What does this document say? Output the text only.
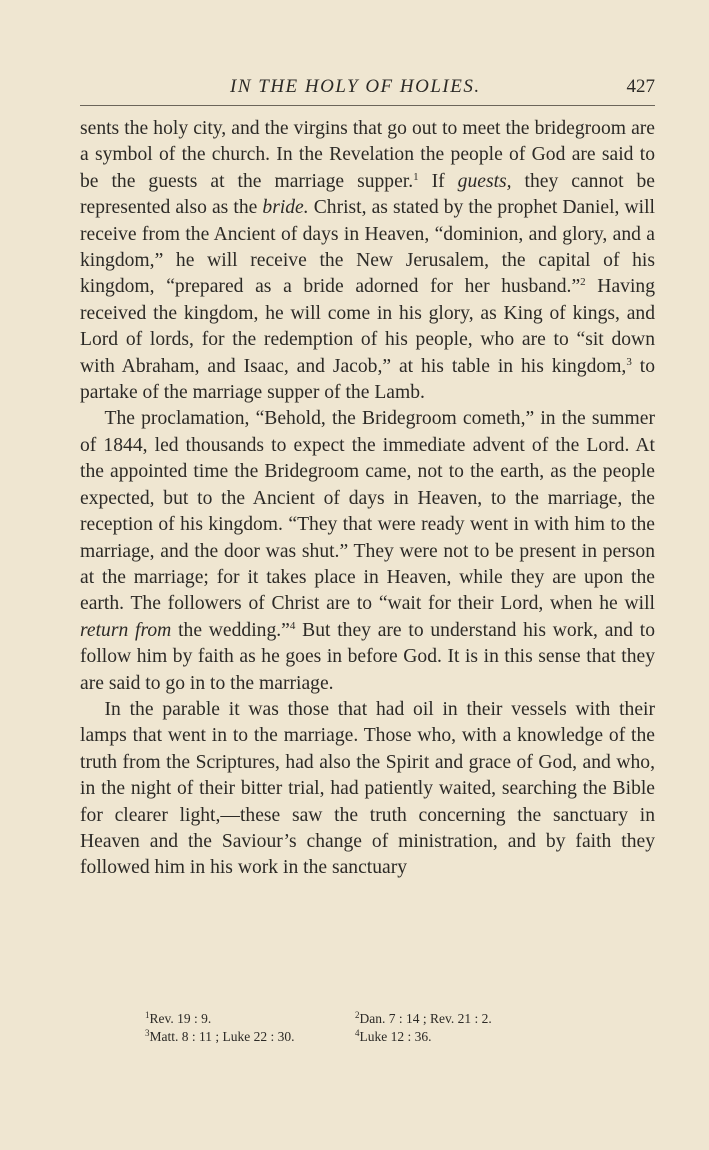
IN THE HOLY OF HOLIES.	427

sents the holy city, and the virgins that go out to meet the bridegroom are a symbol of the church. In the Revelation the people of God are said to be the guests at the marriage supper.$^1$ If guests, they cannot be represented also as the bride. Christ, as stated by the prophet Daniel, will receive from the Ancient of days in Heaven, “dominion, and glory, and a kingdom,” he will receive the New Jerusalem, the capital of his kingdom, “prepared as a bride adorned for her husband.”$^2$ Having received the kingdom, he will come in his glory, as King of kings, and Lord of lords, for the redemption of his people, who are to “sit down with Abraham, and Isaac, and Jacob,” at his table in his kingdom,$^3$ to partake of the marriage supper of the Lamb.

The proclamation, “Behold, the Bridegroom cometh,” in the summer of 1844, led thousands to expect the immediate advent of the Lord. At the appointed time the Bridegroom came, not to the earth, as the people expected, but to the Ancient of days in Heaven, to the marriage, the reception of his kingdom. “They that were ready went in with him to the marriage, and the door was shut.” They were not to be present in person at the marriage; for it takes place in Heaven, while they are upon the earth. The followers of Christ are to “wait for their Lord, when he will return from the wedding.”$^4$ But they are to understand his work, and to follow him by faith as he goes in before God. It is in this sense that they are said to go in to the marriage.

In the parable it was those that had oil in their vessels with their lamps that went in to the marriage. Those who, with a knowledge of the truth from the Scriptures, had also the Spirit and grace of God, and who, in the night of their bitter trial, had patiently waited, searching the Bible for clearer light,—these saw the truth concerning the sanctuary in Heaven and the Saviour’s change of ministration, and by faith they followed him in his work in the sanctuary

$^1$Rev. 19 : 9.	$^2$Dan. 7 : 14 ; Rev. 21 : 2.
$^3$Matt. 8 : 11 ; Luke 22 : 30.	$^4$Luke 12 : 36.
